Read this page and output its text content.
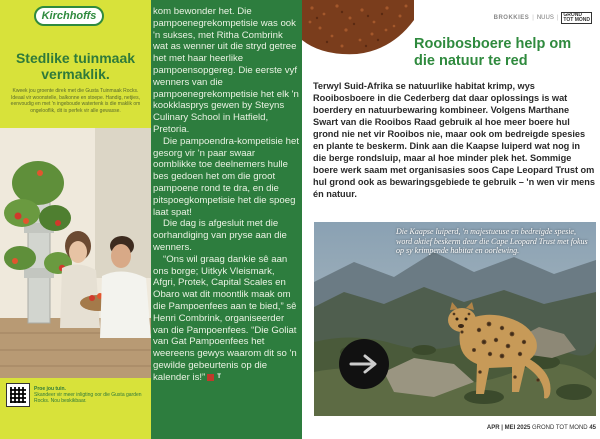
Kirchhoffs
Stedlike tuinmaak vermaklik.
Kweek jou groente direk met die Gusta Tuinmaak Rocks. Ideaal vir woonstelle, balkonne en stoepe. Handig, netjies, eenvoudig en met 'n ingeboude watertenk is die maklik om ongelooflik, dit is perfek vir alle gewasse.
Proe jou tuin.
Skandeer vir meer inligting oor die Gusta garden Rocks. Nou beskikbaar.

kom bewonder het. Die pampoenegrekompetisie was ook 'n sukses, met Ritha Combrink wat as wenner uit die stryd getree het met haar heerlike pampoensopgereg. Die eerste vyf wenners van die pampoenegrekompetisie het elk 'n kookklasprys gewen by Steyns Culinary School in Hatfield, Pretoria.

Die pampoendra-kompetisie het gesorg vir 'n paar swaar oomblikke toe deelnemers hulle bes gedoen het om die groot pampoene rond te dra, en die pitspoegkompetisie het die spoeg laat spat!

Die dag is afgesluit met die oorhandiging van pryse aan die wenners.

“Ons wil graag dankie sê aan ons borge; Uitkyk Vleismark, Afgri, Protek, Capital Scales en Obaro wat dit moontlik maak om die Pampoenfees aan te bied,” sê Henri Combrink, organiseerder van die Pampoenfees. “Die Goliat van Gat Pampoenfees het weereens gewys waarom dit so 'n gewilde gebeurtenis op die kalender is!” T

BROKKIES | NUUS |	GROND
TOT MOND
Rooibosboere help om die natuur te red

Terwyl Suid-Afrika se natuurlike habitat krimp, wys Rooibosboere in die Cederberg dat daar oplossings is wat boerdery en natuurbewaring kombineer. Volgens Marthane Swart van die Rooibos Raad gebruik al hoe meer boere hul grond nie net vir Rooibos nie, maar ook om bedreigde spesies en plante te beskerm. Dink aan die Kaapse luiperd wat nog in die berge rondsluip, maar al hoe minder plek het. Sommige boere werk saam met organisasies soos Cape Leopard Trust om hul grond ook as bewaringsgebiede te gebruik – 'n wen vir mens én natuur.

Die Kaapse luiperd, 'n majestueuse en bedreigde spesie, word aktief beskerm deur die Cape Leopard Trust met fokus op sy krimpende habitat en oorlewing.

APR | MEI 2025 GROND TOT MOND 45
